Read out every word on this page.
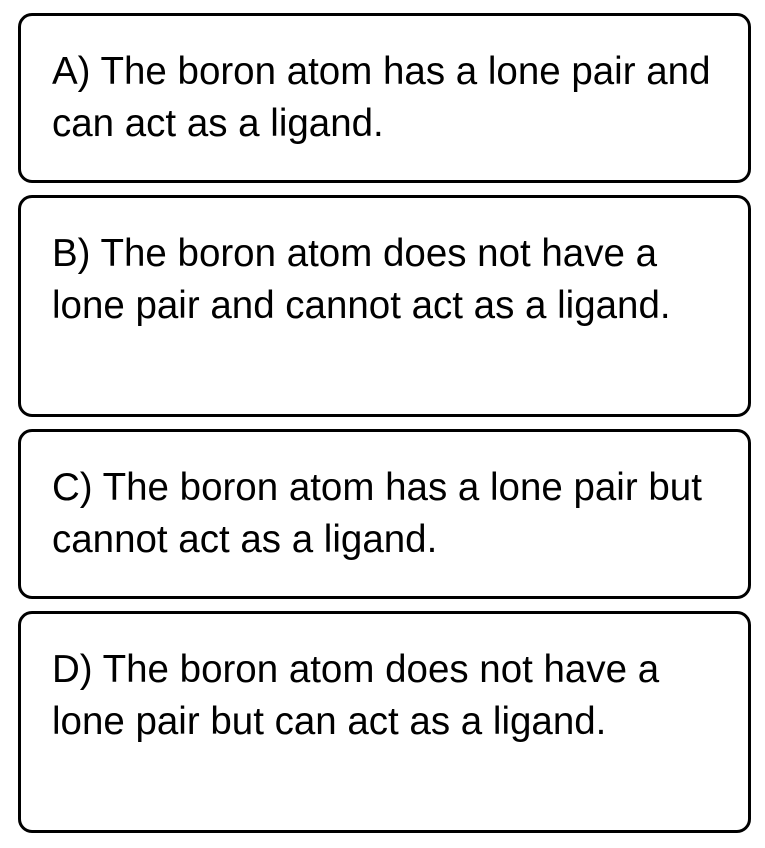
A) The boron atom has a lone pair and can act as a ligand.
B) The boron atom does not have a lone pair and cannot act as a ligand.
C) The boron atom has a lone pair but cannot act as a ligand.
D) The boron atom does not have a lone pair but can act as a ligand.
